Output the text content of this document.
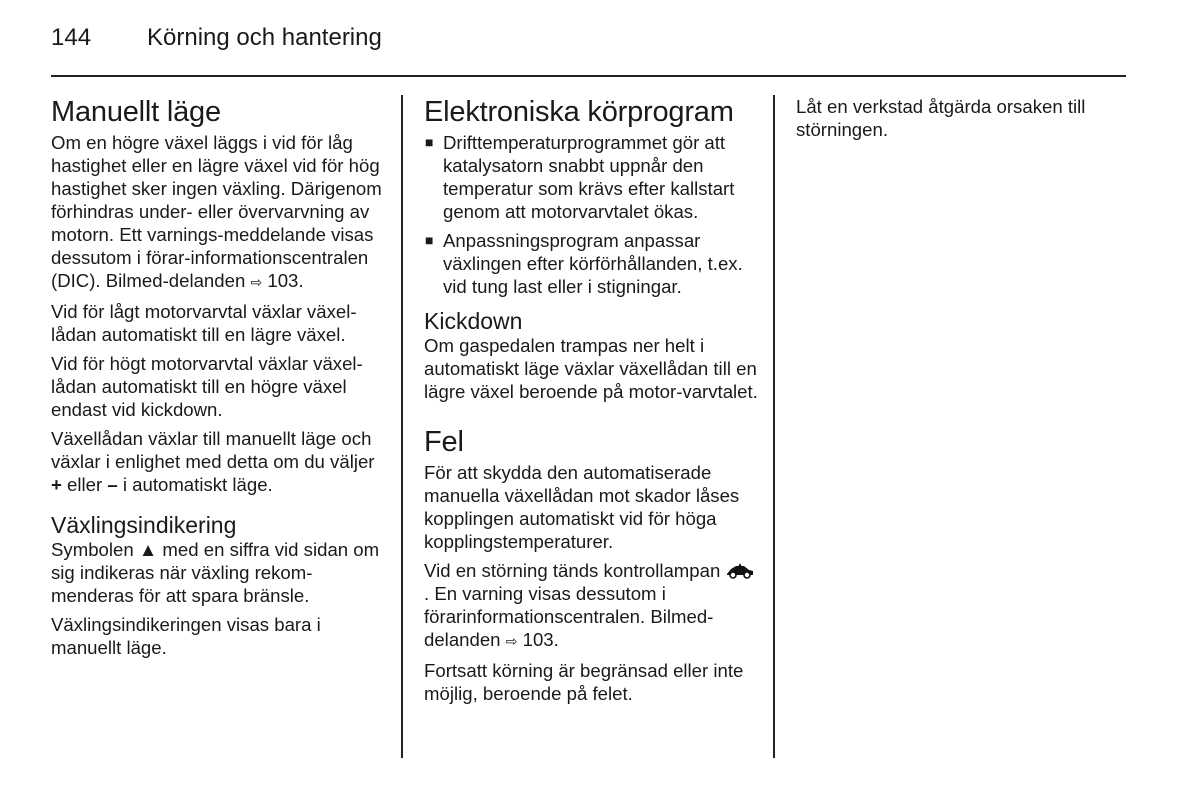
144	Körning och hantering
Manuellt läge

Om en högre växel läggs i vid för låg hastighet eller en lägre växel vid för hög hastighet sker ingen växling. Därigenom förhindras under- eller övervarvning av motorn. Ett varnings-meddelande visas dessutom i förar-informationscentralen (DIC). Bilmed-delanden ⇨ 103.

Vid för lågt motorvarvtal växlar växel-lådan automatiskt till en lägre växel.

Vid för högt motorvarvtal växlar växel-lådan automatiskt till en högre växel endast vid kickdown.

Växellådan växlar till manuellt läge och växlar i enlighet med detta om du väljer + eller – i automatiskt läge.

Växlingsindikering

Symbolen ▲ med en siffra vid sidan om sig indikeras när växling rekom-menderas för att spara bränsle.

Växlingsindikeringen visas bara i manuellt läge.

Elektroniska körprogram
■ Drifttemperaturprogrammet gör att katalysatorn snabbt uppnår den temperatur som krävs efter kallstart genom att motorvarvtalet ökas.
■ Anpassningsprogram anpassar växlingen efter körförhållanden, t.ex. vid tung last eller i stigningar.
Kickdown

Om gaspedalen trampas ner helt i automatiskt läge växlar växellådan till en lägre växel beroende på motor-varvtalet.

Fel

För att skydda den automatiserade manuella växellådan mot skador låses kopplingen automatiskt vid för höga kopplingstemperaturer.

Vid en störning tänds kontrollampan . En varning visas dessutom i förarinformationscentralen. Bilmed-delanden ⇨ 103.

Fortsatt körning är begränsad eller inte möjlig, beroende på felet.

Låt en verkstad åtgärda orsaken till störningen.
